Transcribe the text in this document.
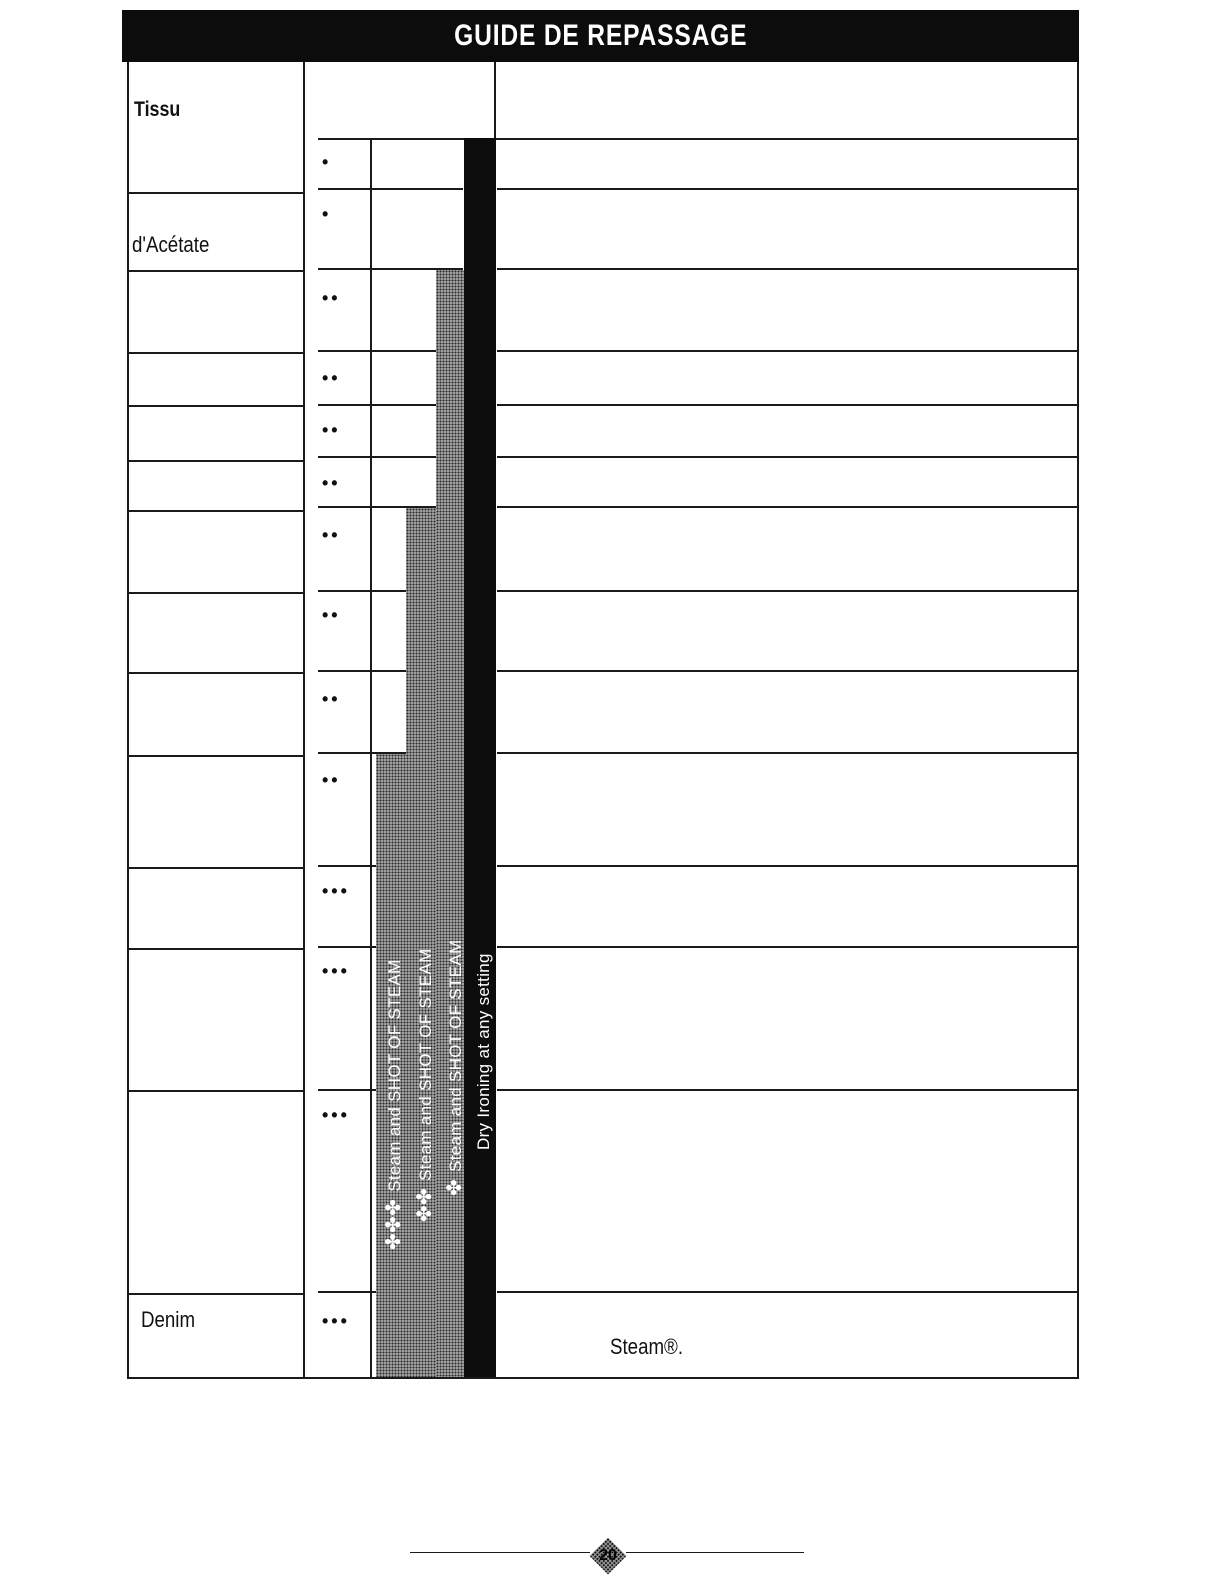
GUIDE DE REPASSAGE
Tissu
✤✤✤ Steam and SHOT OF STEAM
✤✤ Steam and SHOT OF STEAM
✤ Steam and SHOT OF STEAM Dry Ironing at any setting
d'Acétate
Denim
•
•
••
••
••
••
••
••
••
••
•••
•••
•••
•••
Steam®.
20
